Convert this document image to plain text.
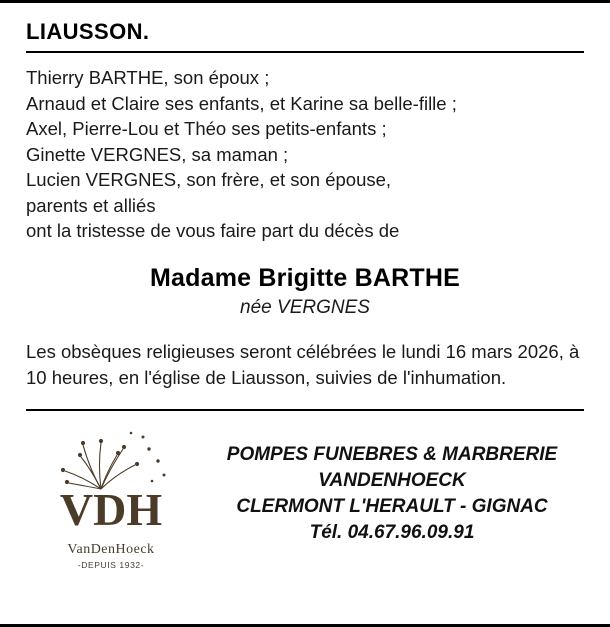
LIAUSSON.
Thierry BARTHE, son époux ;
Arnaud et Claire ses enfants, et Karine sa belle-fille ;
Axel, Pierre-Lou et Théo ses petits-enfants ;
Ginette VERGNES, sa maman ;
Lucien VERGNES, son frère, et son épouse,
parents et alliés
ont la tristesse de vous faire part du décès de
Madame Brigitte BARTHE
née VERGNES
Les obsèques religieuses seront célébrées le lundi 16 mars 2026, à 10 heures, en l'église de Liausson, suivies de l'inhumation.
VDH
VanDenHoeck
-DEPUIS 1932-
POMPES FUNEBRES & MARBRERIE
VANDENHOECK
CLERMONT L'HERAULT - GIGNAC
Tél. 04.67.96.09.91
